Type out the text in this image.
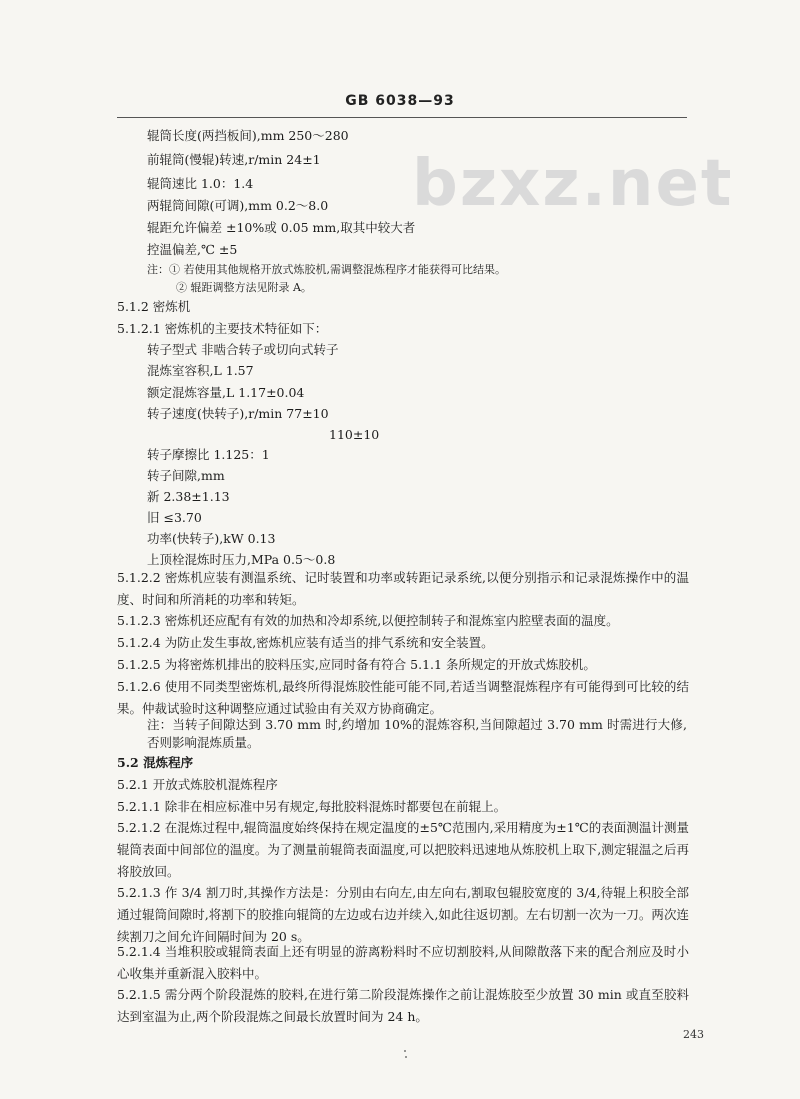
GB 6038—93
bzxz.net
辊筒长度(两挡板间),mm 250～280
前辊筒(慢辊)转速,r/min 24±1
辊筒速比 1.0：1.4
两辊筒间隙(可调),mm 0.2～8.0
辊距允许偏差 ±10%或 0.05 mm,取其中较大者
控温偏差,℃ ±5
注：① 若使用其他规格开放式炼胶机,需调整混炼程序才能获得可比结果。
② 辊距调整方法见附录 A。
5.1.2 密炼机
5.1.2.1 密炼机的主要技术特征如下：
转子型式 非啮合转子或切向式转子
混炼室容积,L 1.57
额定混炼容量,L 1.17±0.04
转子速度(快转子),r/min 77±10
110±10
转子摩擦比 1.125：1
转子间隙,mm
新 2.38±1.13
旧 ≤3.70
功率(快转子),kW 0.13
上顶栓混炼时压力,MPa 0.5～0.8
5.1.2.2 密炼机应装有测温系统、记时装置和功率或转距记录系统,以便分别指示和记录混炼操作中的温度、时间和所消耗的功率和转矩。
5.1.2.3 密炼机还应配有有效的加热和冷却系统,以便控制转子和混炼室内腔壁表面的温度。
5.1.2.4 为防止发生事故,密炼机应装有适当的排气系统和安全装置。
5.1.2.5 为将密炼机排出的胶料压实,应同时备有符合 5.1.1 条所规定的开放式炼胶机。
5.1.2.6 使用不同类型密炼机,最终所得混炼胶性能可能不同,若适当调整混炼程序有可能得到可比较的结果。仲裁试验时这种调整应通过试验由有关双方协商确定。
注：当转子间隙达到 3.70 mm 时,约增加 10%的混炼容积,当间隙超过 3.70 mm 时需进行大修,否则影响混炼质量。
5.2 混炼程序
5.2.1 开放式炼胶机混炼程序
5.2.1.1 除非在相应标准中另有规定,每批胶料混炼时都要包在前辊上。
5.2.1.2 在混炼过程中,辊筒温度始终保持在规定温度的±5℃范围内,采用精度为±1℃的表面测温计测量辊筒表面中间部位的温度。为了测量前辊筒表面温度,可以把胶料迅速地从炼胶机上取下,测定辊温之后再将胶放回。
5.2.1.3 作 3/4 割刀时,其操作方法是：分别由右向左,由左向右,割取包辊胶宽度的 3/4,待辊上积胶全部通过辊筒间隙时,将割下的胶推向辊筒的左边或右边并续入,如此往返切割。左右切割一次为一刀。两次连续割刀之间允许间隔时间为 20 s。
5.2.1.4 当堆积胶或辊筒表面上还有明显的游离粉料时不应切割胶料,从间隙散落下来的配合剂应及时小心收集并重新混入胶料中。
5.2.1.5 需分两个阶段混炼的胶料,在进行第二阶段混炼操作之前让混炼胶至少放置 30 min 或直至胶料达到室温为止,两个阶段混炼之间最长放置时间为 24 h。
243
